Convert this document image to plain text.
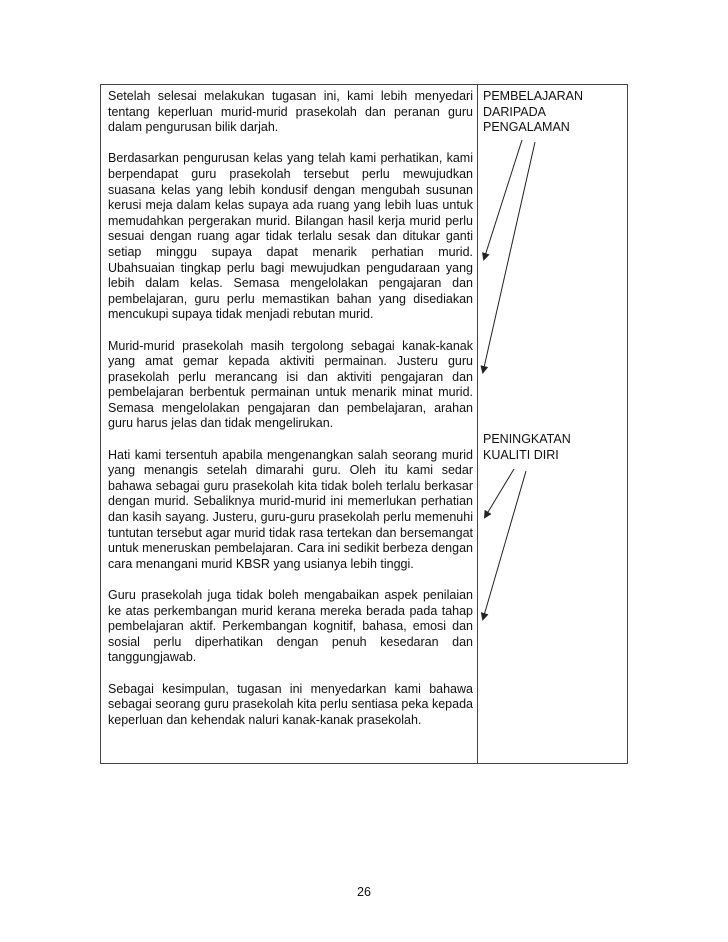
Setelah selesai melakukan tugasan ini, kami lebih menyedari tentang keperluan murid-murid prasekolah dan peranan guru dalam pengurusan bilik darjah.

Berdasarkan pengurusan kelas yang telah kami perhatikan, kami berpendapat guru prasekolah tersebut perlu mewujudkan suasana kelas yang lebih kondusif dengan mengubah susunan kerusi meja dalam kelas supaya ada ruang yang lebih luas untuk memudahkan pergerakan murid. Bilangan hasil kerja murid perlu sesuai dengan ruang agar tidak terlalu sesak dan ditukar ganti setiap minggu supaya dapat menarik perhatian murid. Ubahsuaian tingkap perlu bagi mewujudkan pengudaraan yang lebih dalam kelas. Semasa mengelolakan pengajaran dan pembelajaran, guru perlu memastikan bahan yang disediakan mencukupi supaya tidak menjadi rebutan murid.

Murid-murid prasekolah masih tergolong sebagai kanak-kanak yang amat gemar kepada aktiviti permainan. Justeru guru prasekolah perlu merancang isi dan aktiviti pengajaran dan pembelajaran berbentuk permainan untuk menarik minat murid. Semasa mengelolakan pengajaran dan pembelajaran, arahan guru harus jelas dan tidak mengelirukan.

Hati kami tersentuh apabila mengenangkan salah seorang murid yang menangis setelah dimarahi guru. Oleh itu kami sedar bahawa sebagai guru prasekolah kita tidak boleh terlalu berkasar dengan murid. Sebaliknya murid-murid ini memerlukan perhatian dan kasih sayang. Justeru, guru-guru prasekolah perlu memenuhi tuntutan tersebut agar murid tidak rasa tertekan dan bersemangat untuk meneruskan pembelajaran. Cara ini sedikit berbeza dengan cara menangani murid KBSR yang usianya lebih tinggi.

Guru prasekolah juga tidak boleh mengabaikan aspek penilaian ke atas perkembangan murid kerana mereka berada pada tahap pembelajaran aktif. Perkembangan kognitif, bahasa, emosi dan sosial perlu diperhatikan dengan penuh kesedaran dan tanggungjawab.

Sebagai kesimpulan, tugasan ini menyedarkan kami bahawa sebagai seorang guru prasekolah kita perlu sentiasa peka kepada keperluan dan kehendak naluri kanak-kanak prasekolah.

PEMBELAJARAN
DARIPADA
PENGALAMAN

PENINGKATAN
KUALITI DIRI

26
